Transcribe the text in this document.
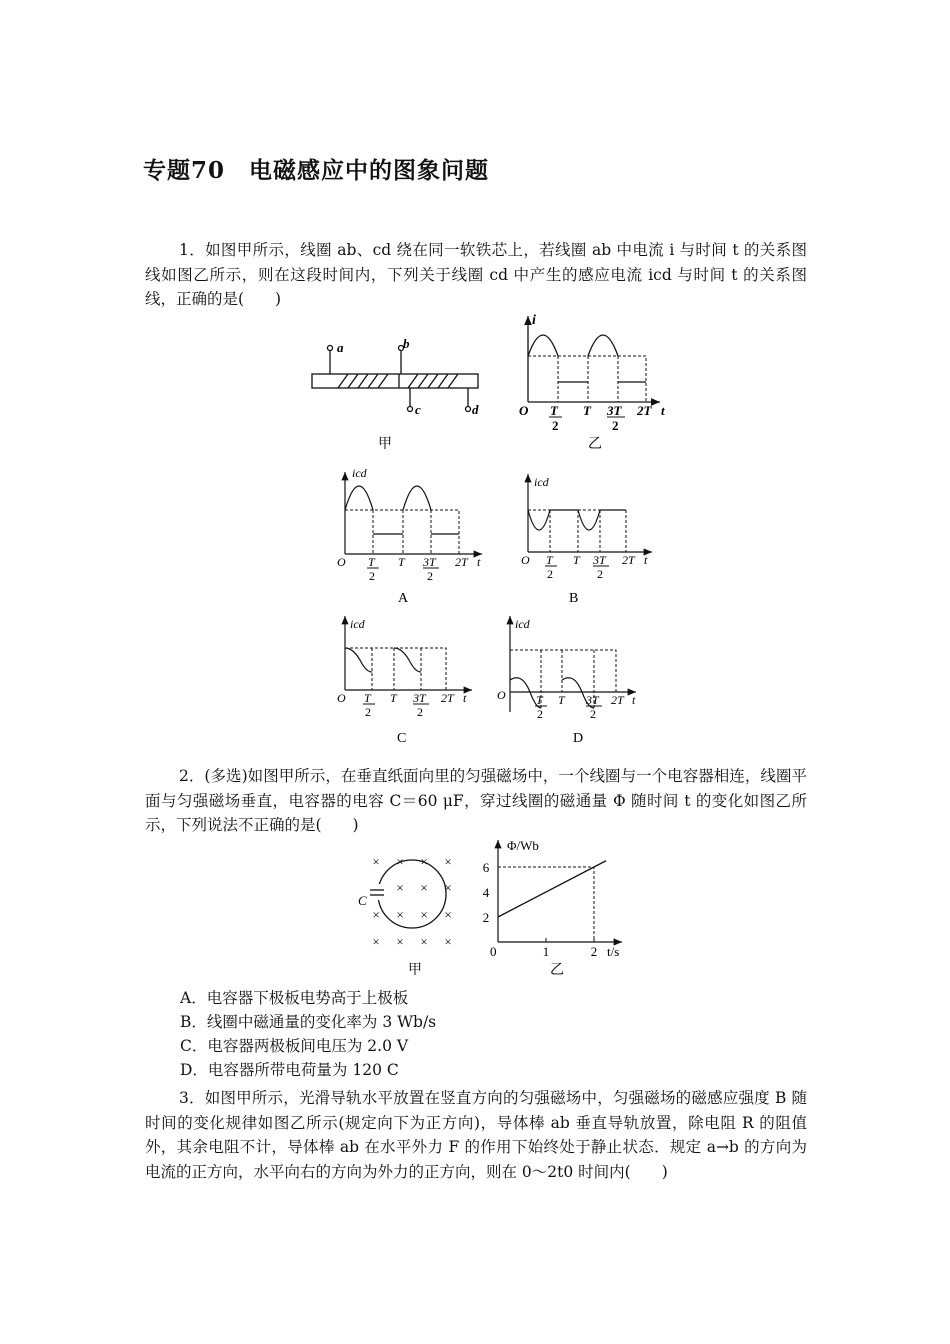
专题70　电磁感应中的图象问题
1．如图甲所示，线圈 ab、cd 绕在同一软铁芯上，若线圈 ab 中电流 i 与时间 t 的关系图线如图乙所示，则在这段时间内，下列关于线圈 cd 中产生的感应电流 icd 与时间 t 的关系图线，正确的是(　　)
a	b
c	d
甲
i
O T
2
T 3T
2
2T t
乙
icd
O T
2
T 3T
2
2T t
A
icd
O T
2
T 3T
2
2T t
B
icd
O T
2
T 3T
2
2T t
C
icd
O	T
2
T 3T
2
2T t
D
2．(多选)如图甲所示，在垂直纸面向里的匀强磁场中，一个线圈与一个电容器相连，线圈平面与匀强磁场垂直，电容器的电容 C＝60 μF，穿过线圈的磁通量 Φ 随时间 t 的变化如图乙所示，下列说法不正确的是(　　)
×
×
×
×
×
×
×
×
×
×
×
×
×
×
×
C
甲
2
4
6
1	2
Φ/Wb
0	t/s
乙
A．电容器下极板电势高于上极板
B．线圈中磁通量的变化率为 3 Wb/s
C．电容器两极板间电压为 2.0 V
D．电容器所带电荷量为 120 C
3．如图甲所示，光滑导轨水平放置在竖直方向的匀强磁场中，匀强磁场的磁感应强度 B 随时间的变化规律如图乙所示(规定向下为正方向)，导体棒 ab 垂直导轨放置，除电阻 R 的阻值外，其余电阻不计，导体棒 ab 在水平外力 F 的作用下始终处于静止状态．规定 a→b 的方向为电流的正方向，水平向右的方向为外力的正方向，则在 0～2t0 时间内(　　)
